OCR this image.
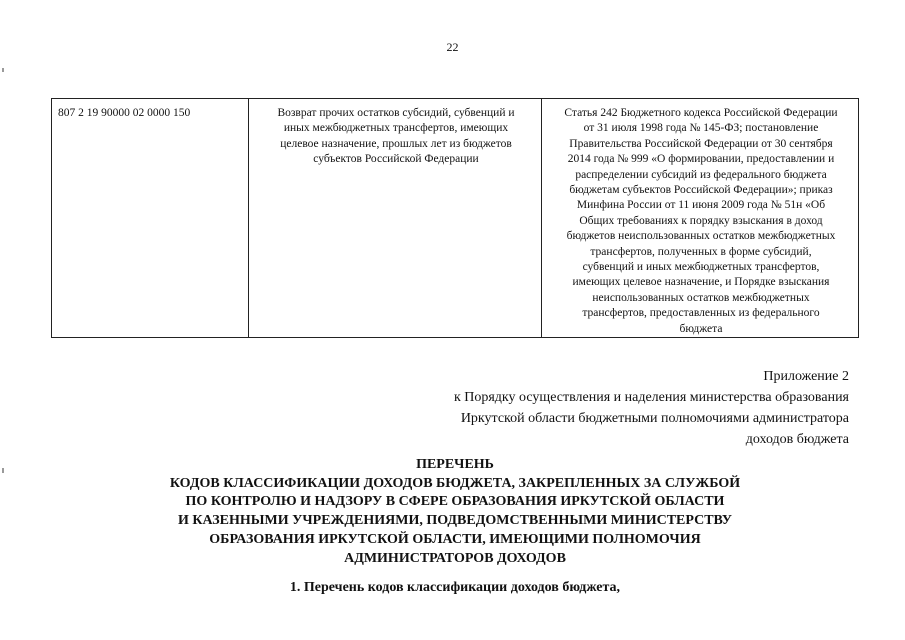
22
807 2 19 90000 02 0000 150	Возврат прочих остатков субсидий, субвенций и
иных межбюджетных трансфертов, имеющих
целевое назначение, прошлых лет из бюджетов
субъектов Российской Федерации

Статья 242 Бюджетного кодекса Российской Федерации
от 31 июля 1998 года № 145-ФЗ; постановление
Правительства Российской Федерации от 30 сентября
2014 года № 999 «О формировании, предоставлении и
распределении субсидий из федерального бюджета
бюджетам субъектов Российской Федерации»; приказ
Минфина России от 11 июня 2009 года № 51н «Об
Общих требованиях к порядку взыскания в доход
бюджетов неиспользованных остатков межбюджетных
трансфертов, полученных в форме субсидий,
субвенций и иных межбюджетных трансфертов,
имеющих целевое назначение, и Порядке взыскания
неиспользованных остатков межбюджетных
трансфертов, предоставленных из федерального
бюджета
Приложение 2
к Порядку осуществления и наделения министерства образования
Иркутской области бюджетными полномочиями администратора
доходов бюджета
ПЕРЕЧЕНЬ
КОДОВ КЛАССИФИКАЦИИ ДОХОДОВ БЮДЖЕТА, ЗАКРЕПЛЕННЫХ ЗА СЛУЖБОЙ
ПО КОНТРОЛЮ И НАДЗОРУ В СФЕРЕ ОБРАЗОВАНИЯ ИРКУТСКОЙ ОБЛАСТИ
И КАЗЕННЫМИ УЧРЕЖДЕНИЯМИ, ПОДВЕДОМСТВЕННЫМИ МИНИСТЕРСТВУ
ОБРАЗОВАНИЯ ИРКУТСКОЙ ОБЛАСТИ, ИМЕЮЩИМИ ПОЛНОМОЧИЯ
АДМИНИСТРАТОРОВ ДОХОДОВ
1. Перечень кодов классификации доходов бюджета,
